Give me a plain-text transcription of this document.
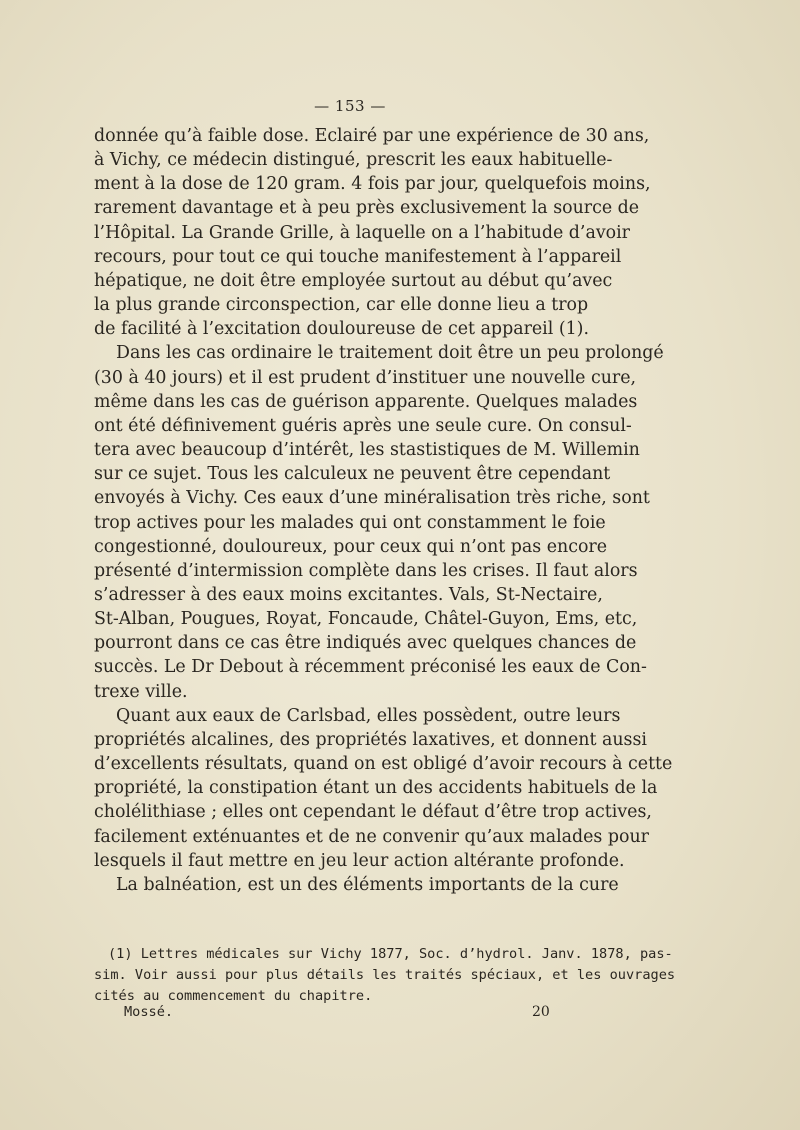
— 153 —
donnée qu’à faible dose. Eclairé par une expérience de 30 ans,
à Vichy, ce médecin distingué, prescrit les eaux habituelle-
ment à la dose de 120 gram. 4 fois par jour, quelquefois moins,
rarement davantage et à peu près exclusivement la source de
l’Hôpital. La Grande Grille, à laquelle on a l’habitude d’avoir
recours, pour tout ce qui touche manifestement à l’appareil
hépatique, ne doit être employée surtout au début qu’avec
la plus grande circonspection, car elle donne lieu a trop
de facilité à l’excitation douloureuse de cet appareil (1).
Dans les cas ordinaire le traitement doit être un peu prolongé
(30 à 40 jours) et il est prudent d’instituer une nouvelle cure,
même dans les cas de guérison apparente. Quelques malades
ont été définivement guéris après une seule cure. On consul-
tera avec beaucoup d’intérêt, les stastistiques de M. Willemin
sur ce sujet. Tous les calculeux ne peuvent être cependant
envoyés à Vichy. Ces eaux d’une minéralisation très riche, sont
trop actives pour les malades qui ont constamment le foie
congestionné, douloureux, pour ceux qui n’ont pas encore
présenté d’intermission complète dans les crises. Il faut alors
s’adresser à des eaux moins excitantes. Vals, St-Nectaire,
St-Alban, Pougues, Royat, Foncaude, Châtel-Guyon, Ems, etc,
pourront dans ce cas être indiqués avec quelques chances de
succès. Le Dr Debout à récemment préconisé les eaux de Con-
trexe ville.
Quant aux eaux de Carlsbad, elles possèdent, outre leurs
propriétés alcalines, des propriétés laxatives, et donnent aussi
d’excellents résultats, quand on est obligé d’avoir recours à cette
propriété, la constipation étant un des accidents habituels de la
cholélithiase ; elles ont cependant le défaut d’être trop actives,
facilement exténuantes et de ne convenir qu’aux malades pour
lesquels il faut mettre en jeu leur action altérante profonde.
La balnéation, est un des éléments importants de la cure
(1) Lettres médicales sur Vichy 1877, Soc. d’hydrol. Janv. 1878, pas-
sim. Voir aussi pour plus détails les traités spéciaux, et les ouvrages
cités au commencement du chapitre.
Mossé.	20
